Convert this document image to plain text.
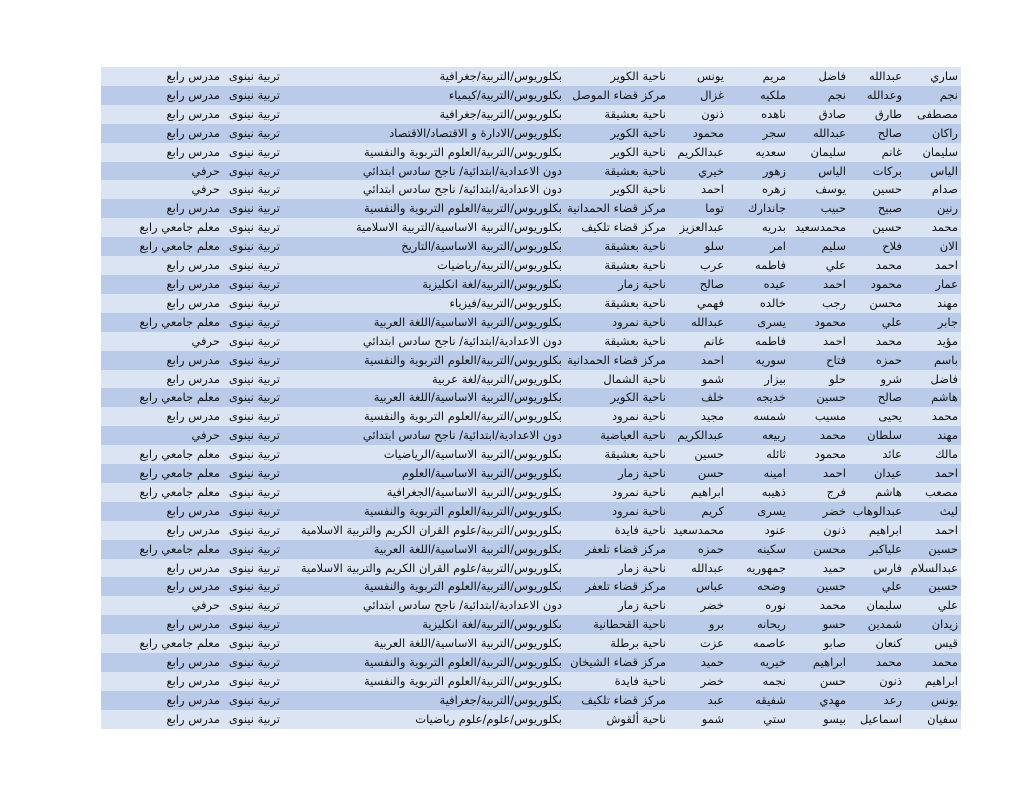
ساري	عبدالله	فاضل	مريم	يونس	ناحية الكوير	بكلوريوس/التربية/جغرافية	تربية نينوى	مدرس رابع
نجم	وعدالله	نجم	ملكيه	غزال	مركز قضاء الموصل	بكلوريوس/التربية/كيمياء	تربية نينوى	مدرس رابع
مصطفى	طارق	صادق	ناهده	ذنون	ناحية بعشيقة	بكلوريوس/التربية/جغرافية	تربية نينوى	مدرس رابع
راكان	صالح	عبدالله	سجر	محمود	ناحية الكوير	بكلوريوس/الادارة و الاقتصاد/الاقتصاد	تربية نينوى	مدرس رابع
سليمان	غانم	سليمان	سعديه	عبدالكريم	ناحية الكوير	بكلوريوس/التربية/العلوم التربوية والنفسية	تربية نينوى	مدرس رابع
الياس	بركات	الياس	زهور	خيري	ناحية بعشيقة	دون الاعدادية/ابتدائية/ ناجح سادس ابتدائي	تربية نينوى	حرفي
صدام	حسين	يوسف	زهره	احمد	ناحية الكوير	دون الاعدادية/ابتدائية/ ناجح سادس ابتدائي	تربية نينوى	حرفي
رنين	صبيح	حبيب	جاندارك	توما	مركز قضاء الحمدانية	بكلوريوس/التربية/العلوم التربوية والنفسية	تربية نينوى	مدرس رابع
محمد	حسين	محمدسعيد	بدريه	عبدالعزيز	مركز قضاء تلكيف	بكلوريوس/التربية الاساسية/التربية الاسلامية	تربية نينوى	معلم جامعي رابع
الان	فلاح	سليم	امر	سلو	ناحية بعشيقة	بكلوريوس/التربية الاساسية/التاريخ	تربية نينوى	معلم جامعي رابع
احمد	محمد	علي	فاطمه	عرب	ناحية بعشيقة	بكلوريوس/التربية/رياضيات	تربية نينوى	مدرس رابع
عمار	محمود	احمد	عيده	صالح	ناحية زمار	بكلوريوس/التربية/لغة انكليزية	تربية نينوى	مدرس رابع
مهند	محسن	رجب	خالده	فهمي	ناحية بعشيقة	بكلوريوس/التربية/فيزياء	تربية نينوى	مدرس رابع
جابر	علي	محمود	يسرى	عبدالله	ناحية نمرود	بكلوريوس/التربية الاساسية/اللغة العربية	تربية نينوى	معلم جامعي رابع
مؤيد	محمد	احمد	فاطمه	غانم	ناحية بعشيقة	دون الاعدادية/ابتدائية/ ناجح سادس ابتدائي	تربية نينوى	حرفي
باسم	حمزه	فتاح	سوريه	احمد	مركز قضاء الحمدانية	بكلوريوس/التربية/العلوم التربوية والنفسية	تربية نينوى	مدرس رابع
فاضل	شرو	حلو	بيزار	شمو	ناحية الشمال	بكلوريوس/التربية/لغة عربية	تربية نينوى	مدرس رابع
هاشم	صالح	حسين	خديجه	خلف	ناحية الكوير	بكلوريوس/التربية الاساسية/اللغة العربية	تربية نينوى	معلم جامعي رابع
محمد	يحيى	مسيب	شمسه	مجيد	ناحية نمرود	بكلوريوس/التربية/العلوم التربوية والنفسية	تربية نينوى	مدرس رابع
مهند	سلطان	محمد	ربيعه	عبدالكريم	ناحية العياضية	دون الاعدادية/ابتدائية/ ناجح سادس ابتدائي	تربية نينوى	حرفي
مالك	عائد	محمود	ثائله	حسين	ناحية بعشيقة	بكلوريوس/التربية الاساسية/الرياضيات	تربية نينوى	معلم جامعي رابع
احمد	عيدان	احمد	امينه	حسن	ناحية زمار	بكلوريوس/التربية الاساسية/العلوم	تربية نينوى	معلم جامعي رابع
مصعب	هاشم	فرج	ذهيبه	ابراهيم	ناحية نمرود	بكلوريوس/التربية الاساسية/الجغرافية	تربية نينوى	معلم جامعي رابع
ليث	عبدالوهاب	خضر	يسرى	كريم	ناحية نمرود	بكلوريوس/التربية/العلوم التربوية والنفسية	تربية نينوى	مدرس رابع
احمد	ابراهيم	ذنون	عنود	محمدسعيد	ناحية فايدة	بكلوريوس/التربية/علوم القران الكريم والتربية الاسلامية	تربية نينوى	مدرس رابع
حسين	علياكبر	محسن	سكينه	حمزه	مركز قضاء تلعفر	بكلوريوس/التربية الاساسية/اللغة العربية	تربية نينوى	معلم جامعي رابع
عبدالسلام	فارس	حميد	جمهوريه	عبدالله	ناحية زمار	بكلوريوس/التربية/علوم القران الكريم والتربية الاسلامية	تربية نينوى	مدرس رابع
حسين	علي	حسين	وضحه	عباس	مركز قضاء تلعفر	بكلوريوس/التربية/العلوم التربوية والنفسية	تربية نينوى	مدرس رابع
علي	سليمان	محمد	نوره	خضر	ناحية زمار	دون الاعدادية/ابتدائية/ ناجح سادس ابتدائي	تربية نينوى	حرفي
زيدان	شمدين	حسو	ريحانه	برو	ناحية القحطانية	بكلوريوس/التربية/لغة انكليزية	تربية نينوى	مدرس رابع
قيس	كنعان	صابو	عاصمه	عزت	ناحية برطلة	بكلوريوس/التربية الاساسية/اللغة العربية	تربية نينوى	معلم جامعي رابع
محمد	محمد	ابراهيم	خيريه	حميد	مركز قضاء الشيخان	بكلوريوس/التربية/العلوم التربوية والنفسية	تربية نينوى	مدرس رابع
ابراهيم	ذنون	حسن	نجمه	خضر	ناحية فايدة	بكلوريوس/التربية/العلوم التربوية والنفسية	تربية نينوى	مدرس رابع
يونس	رعد	مهدي	شفيقه	عبد	مركز قضاء تلكيف	بكلوريوس/التربية/جغرافية	تربية نينوى	مدرس رابع
سفيان	اسماعيل	بيسو	ستي	شمو	ناحية ألقوش	بكلوريوس/علوم/علوم رياضيات	تربية نينوى	مدرس رابع
